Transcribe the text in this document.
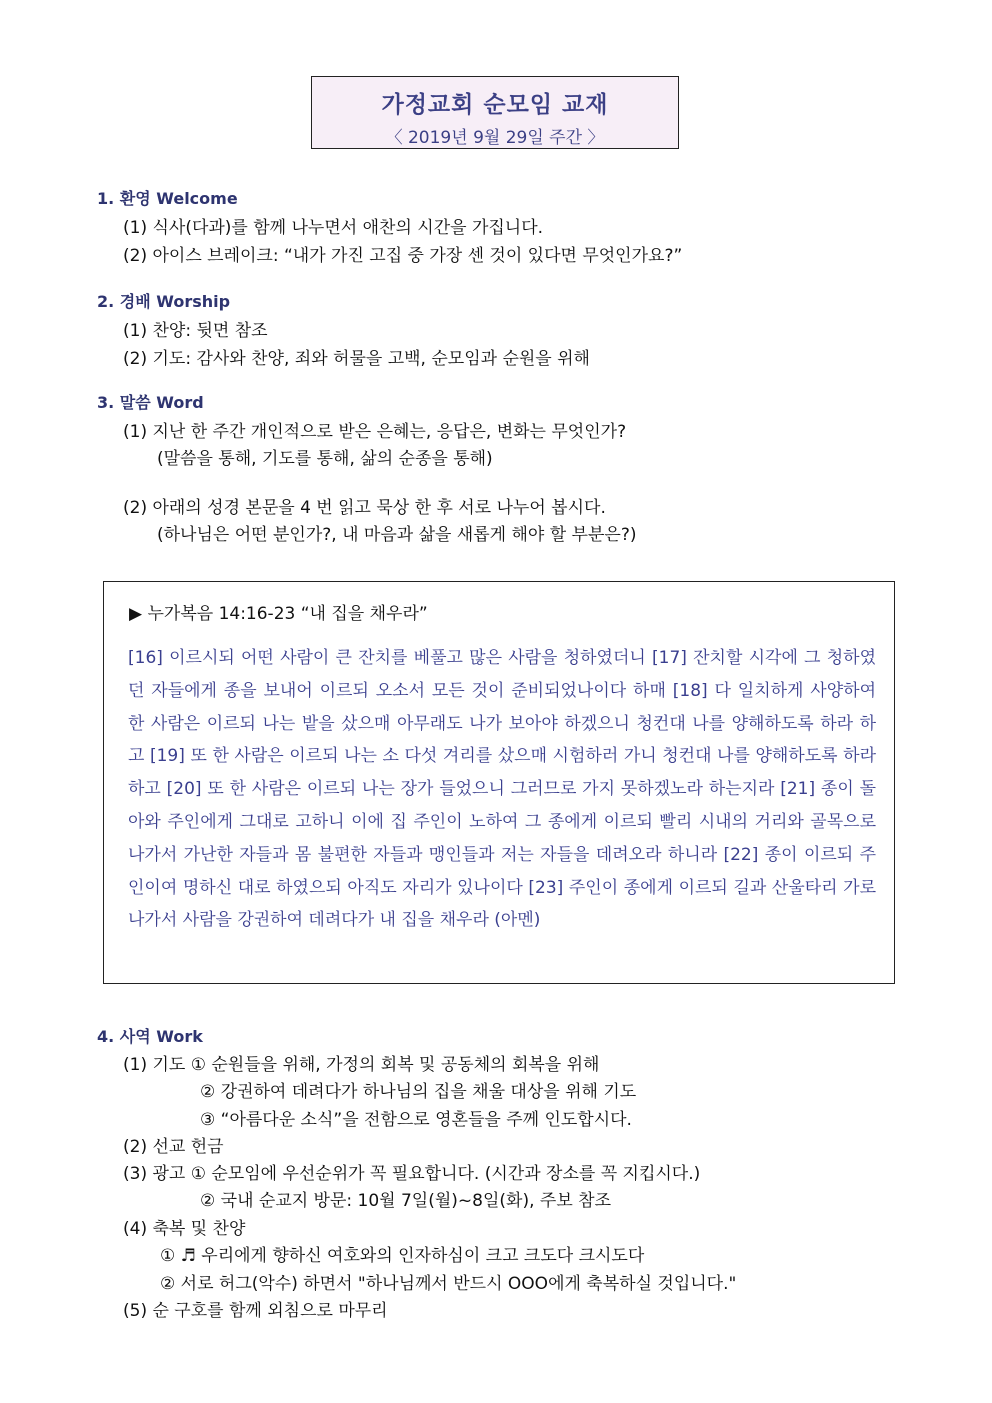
가정교회 순모임 교재
〈 2019년 9월 29일 주간 〉
1. 환영 Welcome
(1) 식사(다과)를 함께 나누면서 애찬의 시간을 가집니다.
(2) 아이스 브레이크: “내가 가진 고집 중 가장 센 것이 있다면 무엇인가요?”
2. 경배 Worship
(1) 찬양: 뒷면 참조
(2) 기도: 감사와 찬양, 죄와 허물을 고백, 순모임과 순원을 위해
3. 말씀 Word
(1) 지난 한 주간 개인적으로 받은 은혜는, 응답은, 변화는 무엇인가?
(말씀을 통해, 기도를 통해, 삶의 순종을 통해)
(2) 아래의 성경 본문을 4 번 읽고 묵상 한 후 서로 나누어 봅시다.
(하나님은 어떤 분인가?, 내 마음과 삶을 새롭게 해야 할 부분은?)
▶ 누가복음 14:16-23 “내 집을 채우라”
[16] 이르시되 어떤 사람이 큰 잔치를 베풀고 많은 사람을 청하였더니 [17] 잔치할 시각에 그 청하였던 자들에게 종을 보내어 이르되 오소서 모든 것이 준비되었나이다 하매 [18] 다 일치하게 사양하여 한 사람은 이르되 나는 밭을 샀으매 아무래도 나가 보아야 하겠으니 청컨대 나를 양해하도록 하라 하고 [19] 또 한 사람은 이르되 나는 소 다섯 겨리를 샀으매 시험하러 가니 청컨대 나를 양해하도록 하라 하고 [20] 또 한 사람은 이르되 나는 장가 들었으니 그러므로 가지 못하겠노라 하는지라 [21] 종이 돌아와 주인에게 그대로 고하니 이에 집 주인이 노하여 그 종에게 이르되 빨리 시내의 거리와 골목으로 나가서 가난한 자들과 몸 불편한 자들과 맹인들과 저는 자들을 데려오라 하니라 [22] 종이 이르되 주인이여 명하신 대로 하였으되 아직도 자리가 있나이다 [23] 주인이 종에게 이르되 길과 산울타리 가로 나가서 사람을 강권하여 데려다가 내 집을 채우라 (아멘)
4. 사역 Work
(1) 기도 ① 순원들을 위해, 가정의 회복 및 공동체의 회복을 위해
② 강권하여 데려다가 하나님의 집을 채울 대상을 위해 기도
③ “아름다운 소식”을 전함으로 영혼들을 주께 인도합시다.
(2) 선교 헌금
(3) 광고 ① 순모임에 우선순위가 꼭 필요합니다. (시간과 장소를 꼭 지킵시다.)
② 국내 순교지 방문: 10월 7일(월)~8일(화), 주보 참조
(4) 축복 및 찬양
① ♬ 우리에게 향하신 여호와의 인자하심이 크고 크도다 크시도다
② 서로 허그(악수) 하면서 "하나님께서 반드시 OOO에게 축복하실 것입니다."
(5) 순 구호를 함께 외침으로 마무리
